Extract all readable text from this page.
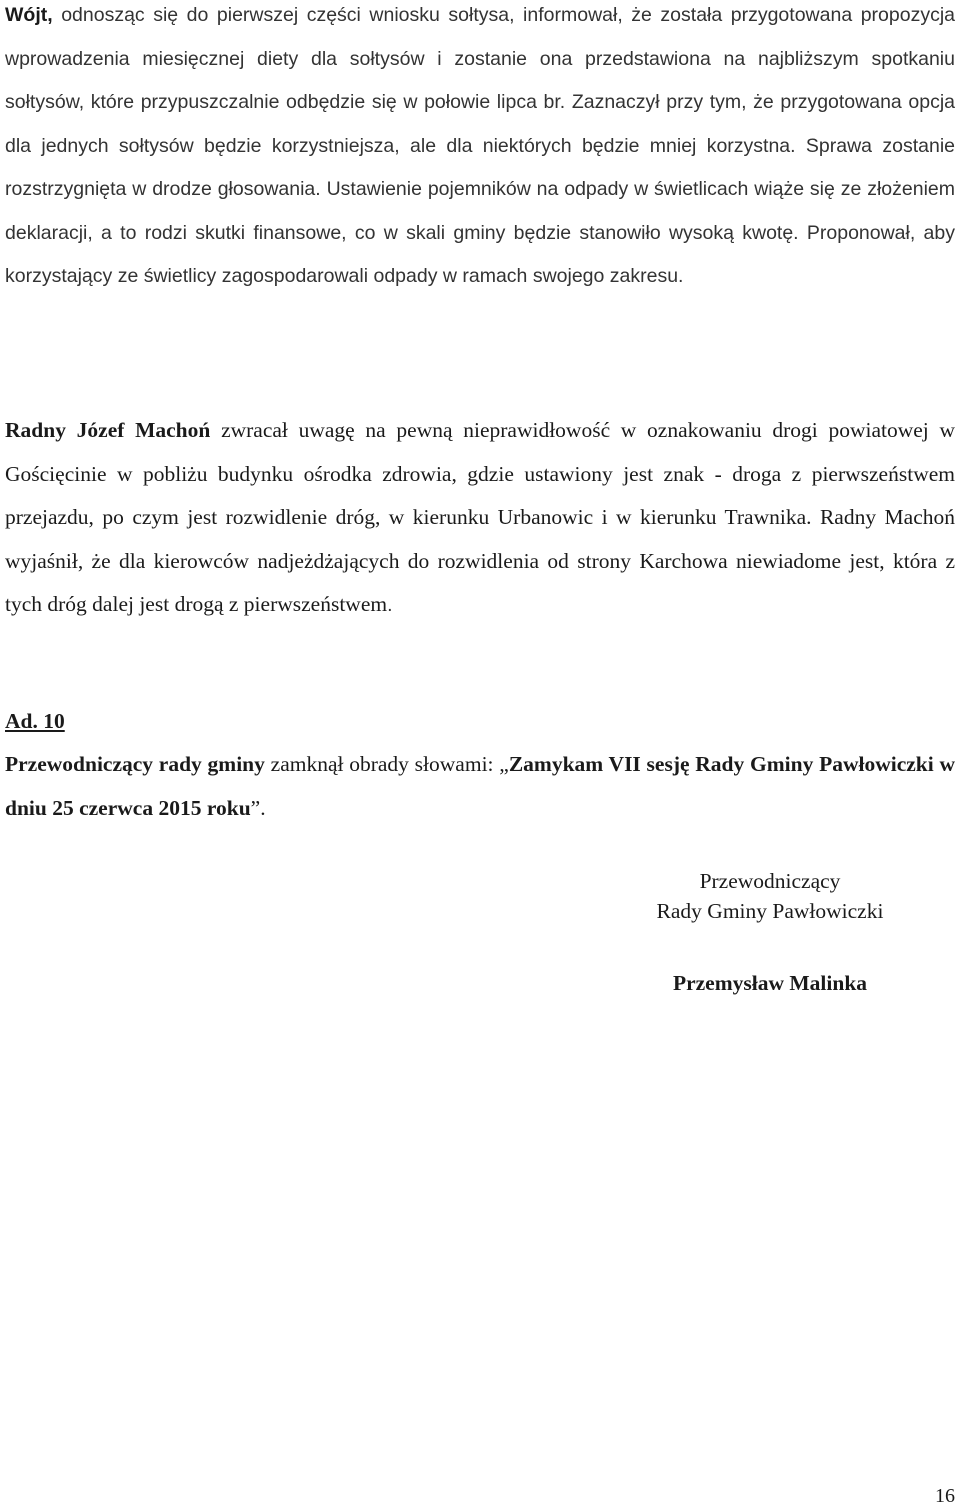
Wójt, odnosząc się do pierwszej części wniosku sołtysa, informował, że została przygotowana propozycja wprowadzenia miesięcznej diety dla sołtysów i zostanie ona przedstawiona na najbliższym spotkaniu sołtysów, które przypuszczalnie odbędzie się w połowie lipca br. Zaznaczył przy tym, że przygotowana opcja dla jednych sołtysów będzie korzystniejsza, ale dla niektórych będzie mniej korzystna. Sprawa zostanie rozstrzygnięta w drodze głosowania. Ustawienie pojemników na odpady w świetlicach wiąże się ze złożeniem deklaracji, a to rodzi skutki finansowe, co w skali gminy będzie stanowiło wysoką kwotę. Proponował, aby korzystający ze świetlicy zagospodarowali odpady w ramach swojego zakresu.

Radny Józef Machoń zwracał uwagę na pewną nieprawidłowość w oznakowaniu drogi powiatowej w Gościęcinie w pobliżu budynku ośrodka zdrowia, gdzie ustawiony jest znak - droga z pierwszeństwem przejazdu, po czym jest rozwidlenie dróg, w kierunku Urbanowic i w kierunku Trawnika. Radny Machoń wyjaśnił, że dla kierowców nadjeżdżających do rozwidlenia od strony Karchowa niewiadome jest, która z tych dróg dalej jest drogą z pierwszeństwem.

Ad. 10

Przewodniczący rady gminy zamknął obrady słowami: „Zamykam VII sesję Rady Gminy Pawłowiczki w dniu 25 czerwca 2015 roku”.

Przewodniczący
Rady Gminy Pawłowiczki
Przemysław Malinka
16
